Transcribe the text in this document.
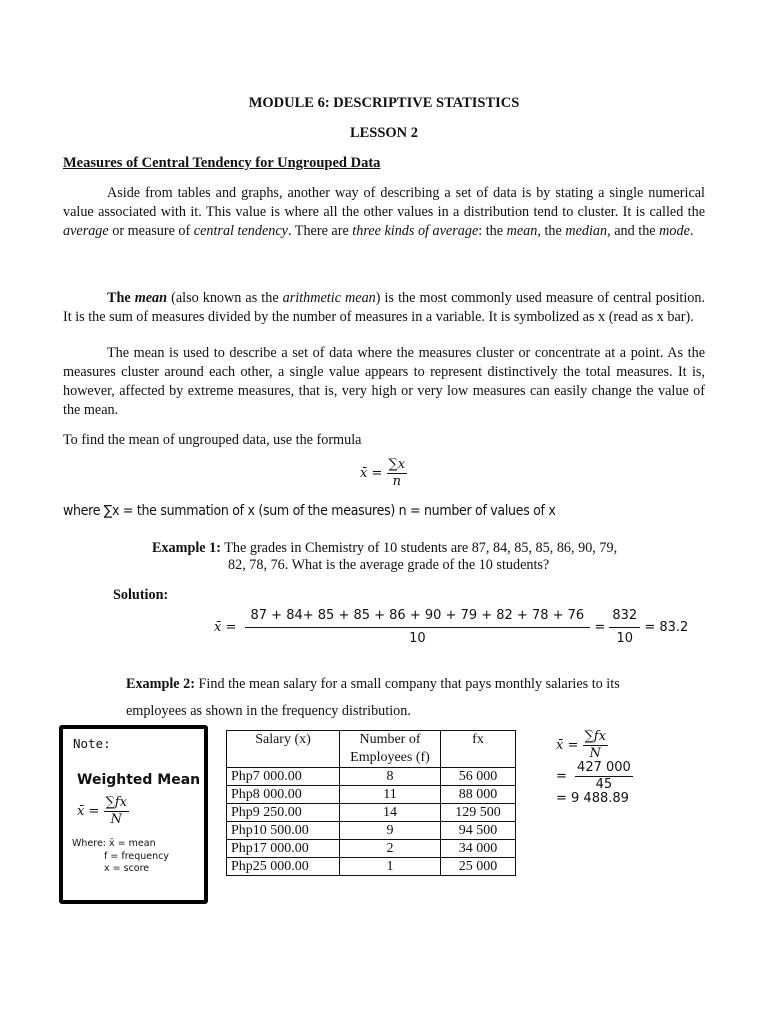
MODULE 6: DESCRIPTIVE STATISTICS
LESSON 2
Measures of Central Tendency for Ungrouped Data
Aside from tables and graphs, another way of describing a set of data is by stating a single numerical value associated with it. This value is where all the other values in a distribution tend to cluster. It is called the average or measure of central tendency. There are three kinds of average: the mean, the median, and the mode.
The mean (also known as the arithmetic mean) is the most commonly used measure of central position. It is the sum of measures divided by the number of measures in a variable. It is symbolized as x (read as x bar).
The mean is used to describe a set of data where the measures cluster or concentrate at a point. As the measures cluster around each other, a single value appears to represent distinctively the total measures. It is, however, affected by extreme measures, that is, very high or very low measures can easily change the value of the mean.
To find the mean of ungrouped data, use the formula
x̄ = $\frac{\sum x}{n}$
where ∑x = the summation of x (sum of the measures) n = number of values of x
Example 1: The grades in Chemistry of 10 students are 87, 84, 85, 85, 86, 90, 79,
82, 78, 76. What is the average grade of the 10 students?
Solution:
x̄ = $\frac{87 + 84+ 85 + 85 + 86 + 90 + 79 + 82 + 78 + 76}{10} = \frac{832}{10} = 83.2$
Example 2: Find the mean salary for a small company that pays monthly salaries to its
employees as shown in the frequency distribution.
Note:
Weighted Mean
x̄ = $\frac{\sum fx}{N}$
Where: x̄ = mean
f = frequency
x = score
Salary (x)	Number of Employees (f)	fx
Php7 000.00	8	56 000
Php8 000.00	11	88 000
Php9 250.00	14	129 500
Php10 500.00	9	94 500
Php17 000.00	2	34 000
Php25 000.00	1	25 000
x̄ = $\frac{\sum fx}{N}$
= $\frac{427 000}{45}$
= 9 488.89
